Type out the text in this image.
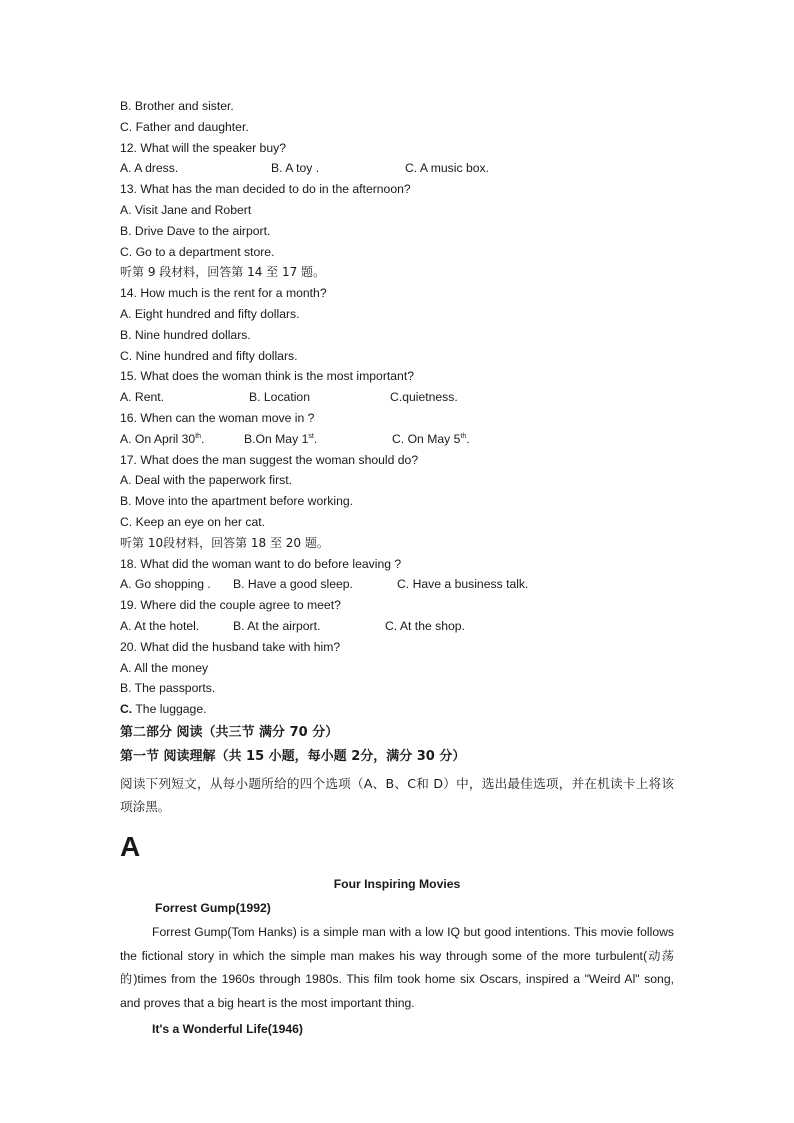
B. Brother and sister.
C. Father and daughter.
12. What will the speaker buy?
A. A dress.	B. A toy .	C. A music box.
13. What has the man decided to do in the afternoon?
A. Visit Jane and Robert
B. Drive Dave to the airport.
C. Go to a department store.
听第 9 段材料，回答第 14 至 17 题。
14. How much is the rent for a month?
A. Eight hundred and fifty dollars.
B. Nine hundred dollars.
C. Nine hundred and fifty dollars.
15. What does the woman think is the most important?
A. Rent.	B. Location	C.quietness.
16. When can the woman move in ?
A. On April 30th.	B.On May 1st.	C. On May 5th.
17. What does the man suggest the woman should do?
A. Deal with the paperwork first.
B. Move into the apartment before working.
C. Keep an eye on her cat.
听第 10段材料，回答第 18 至 20 题。
18. What did the woman want to do before leaving ?
A. Go shopping . B. Have a good sleep.	C. Have a business talk.
19. Where did the couple agree to meet?
A. At the hotel.	B. At the airport.	C. At the shop.
20. What did the husband take with him?
A. All the money
B. The passports.
C. The luggage.
第二部分 阅读（共三节 满分 70 分）
第一节 阅读理解（共 15 小题，每小题 2分，满分 30 分）
阅读下列短文，从每小题所给的四个选项（A、B、C和 D）中，选出最佳选项，并在机读卡上将该项涂黑。
A
Four Inspiring Movies
Forrest Gump(1992)
Forrest Gump(Tom Hanks) is a simple man with a low IQ but good intentions. This movie follows the fictional story in which the simple man makes his way through some of the more turbulent(动荡的)times from the 1960s through 1980s. This film took home six Oscars, inspired a "Weird Al" song, and proves that a big heart is the most important thing.
It's a Wonderful Life(1946)
